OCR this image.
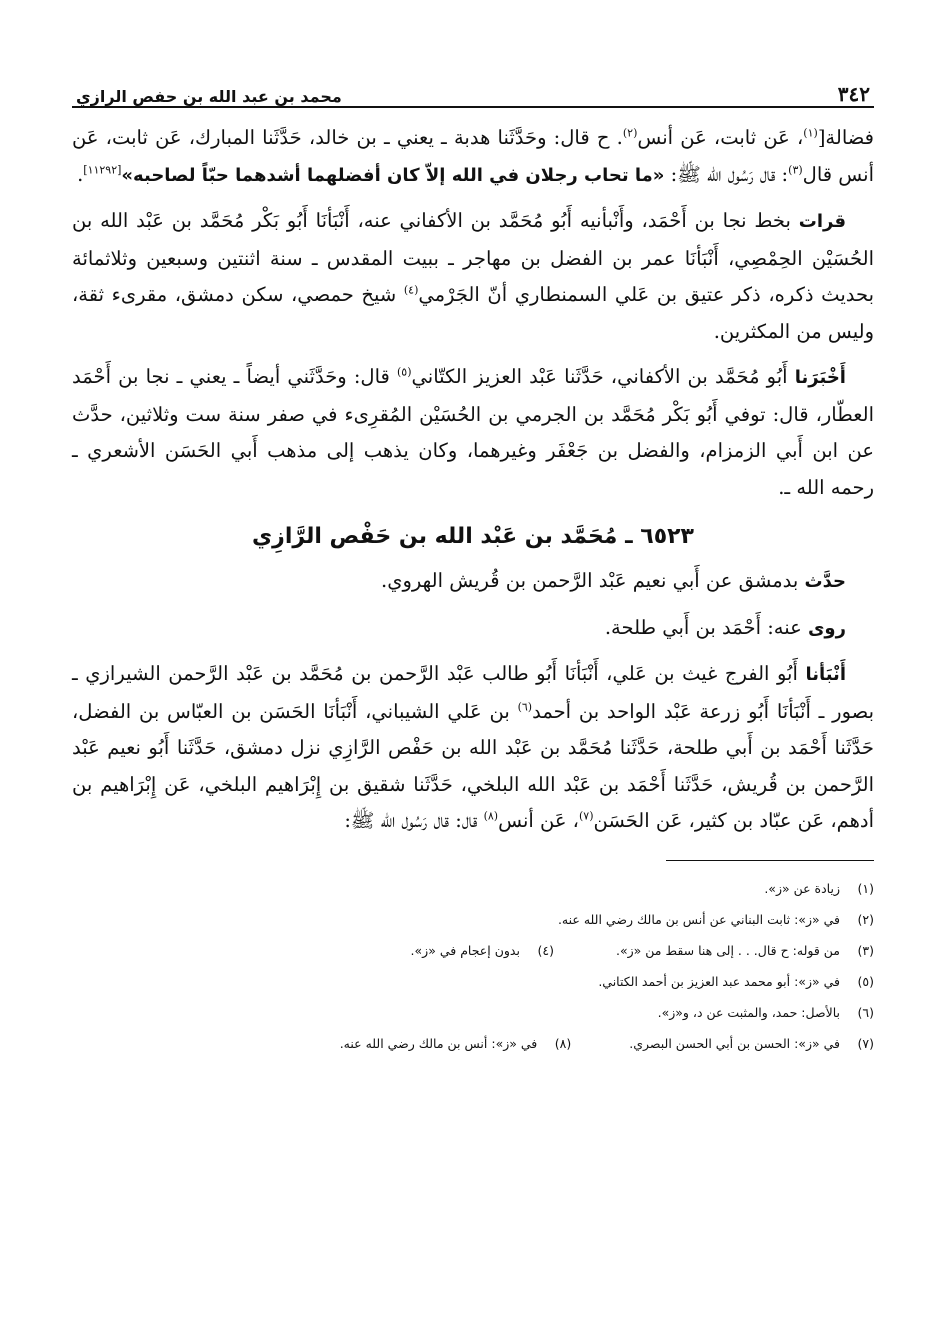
٣٤٢
محمد بن عبد الله بن حفص الرازي

فضالة[$^{(١)}$، عَن ثابت، عَن أنس$^{(٢)}$. ح قال: وحَدَّثَنا هدبة ـ يعني ـ بن خالد، حَدَّثَنا المبارك، عَن ثابت، عَن أنس قال$^{(٣)}$: قال رَسُول الله ﷺ: «ما تحاب رجلان في الله إلاّ كان أفضلهما أشدهما حبّاً لصاحبه»[١١٢٩٢].

قرات بخط نجا بن أَحْمَد، وأَنْبأنيه أَبُو مُحَمَّد بن الأكفاني عنه، أَنْبَأنَا أَبُو بَكْر مُحَمَّد بن عَبْد الله بن الحُسَيْن الحِمْصِي، أَنْبَأنَا عمر بن الفضل بن مهاجر ـ ببيت المقدس ـ سنة اثنتين وسبعين وثلاثمائة بحديث ذكره، ذكر عتيق بن عَلي السمنطاري أنّ الجَرْمي$^{(٤)}$ شيخ حمصي، سكن دمشق، مقرىء ثقة، وليس من المكثرين.

أَخْبَرَنا أَبُو مُحَمَّد بن الأكفاني، حَدَّثَنا عَبْد العزيز الكتّاني$^{(٥)}$ قال: وحَدَّثَني أيضاً ـ يعني ـ نجا بن أَحْمَد العطّار، قال: توفي أَبُو بَكْر مُحَمَّد بن الجرمي بن الحُسَيْن المُقرِىء في صفر سنة ست وثلاثين، حدَّث عن ابن أَبي الزمزام، والفضل بن جَعْفَر وغيرهما، وكان يذهب إلى مذهب أَبي الحَسَن الأشعري ـ رحمه الله ـ.

٦٥٢٣ ـ مُحَمَّد بن عَبْد الله بن حَفْص الرَّازِي

حدَّث بدمشق عن أَبي نعيم عَبْد الرَّحمن بن قُريش الهروي.

روى عنه: أَحْمَد بن أَبي طلحة.

أَنْبَأنا أَبُو الفرج غيث بن عَلي، أَنْبَأنَا أَبُو طالب عَبْد الرَّحمن بن مُحَمَّد بن عَبْد الرَّحمن الشيرازي ـ بصور ـ أَنْبَأنَا أَبُو زرعة عَبْد الواحد بن أحمد$^{(٦)}$ بن عَلي الشيباني، أَنْبَأنَا الحَسَن بن العبّاس بن الفضل، حَدَّثَنا أَحْمَد بن أَبي طلحة، حَدَّثَنا مُحَمَّد بن عَبْد الله بن حَفْص الرَّازِي نزل دمشق، حَدَّثَنا أَبُو نعيم عَبْد الرَّحمن بن قُريش، حَدَّثَنا أَحْمَد بن عَبْد الله البلخي، حَدَّثَنا شقيق بن إِبْرَاهيم البلخي، عَن إِبْرَاهيم بن أدهم، عَن عبّاد بن كثير، عَن الحَسَن$^{(٧)}$، عَن أنس$^{(٨)}$ قال: قال رَسُول الله ﷺ:

(١)
زيادة عن «ز».
(٢)
في «ز»: ثابت البناني عن أنس بن مالك رضي الله عنه.
(٣)
من قوله: ح قال. . . إلى هنا سقط من «ز».
(٤)
بدون إعجام في «ز».
(٥)
في «ز»: أبو محمد عبد العزيز بن أحمد الكتاني.
(٦)
بالأصل: حمد، والمثبت عن د، و«ز».
(٧)
في «ز»: الحسن بن أبي الحسن البصري.
(٨)
في «ز»: أنس بن مالك رضي الله عنه.
